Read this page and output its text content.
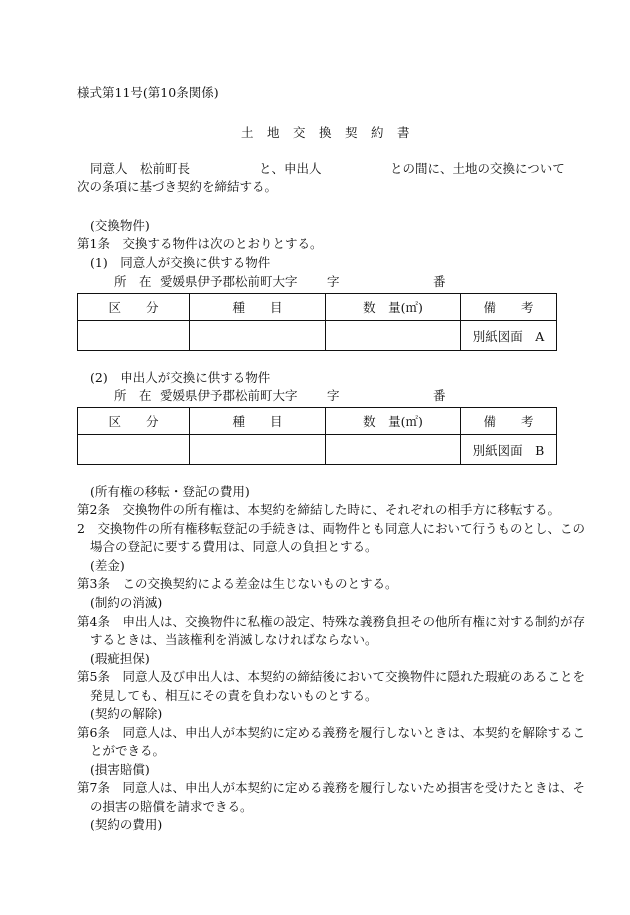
様式第11号(第10条関係)
土　地　交　換　契　約　書
同意人　松前町長	と、申出人	との間に、土地の交換について
次の条項に基づき契約を締結する。
(交換物件)
第1条　交換する物件は次のとおりとする。
(1)　同意人が交換に供する物件
所　在 愛媛県伊予郡松前町大字 字	番
区　　分	種　　目	数　量(㎡)	備　　考
			別紙図面　A
(2)　申出人が交換に供する物件
所　在 愛媛県伊予郡松前町大字 字	番
区　　分	種　　目	数　量(㎡)	備　　考
			別紙図面　B
(所有権の移転・登記の費用)
第2条　交換物件の所有権は、本契約を締結した時に、それぞれの相手方に移転する。
2　交換物件の所有権移転登記の手続きは、両物件とも同意人において行うものとし、この
場合の登記に要する費用は、同意人の負担とする。
(差金)
第3条　この交換契約による差金は生じないものとする。
(制約の消滅)
第4条　申出人は、交換物件に私権の設定、特殊な義務負担その他所有権に対する制約が存
するときは、当該権利を消滅しなければならない。
(瑕疵担保)
第5条　同意人及び申出人は、本契約の締結後において交換物件に隠れた瑕疵のあることを
発見しても、相互にその責を負わないものとする。
(契約の解除)
第6条　同意人は、申出人が本契約に定める義務を履行しないときは、本契約を解除するこ
とができる。
(損害賠償)
第7条　同意人は、申出人が本契約に定める義務を履行しないため損害を受けたときは、そ
の損害の賠償を請求できる。
(契約の費用)
